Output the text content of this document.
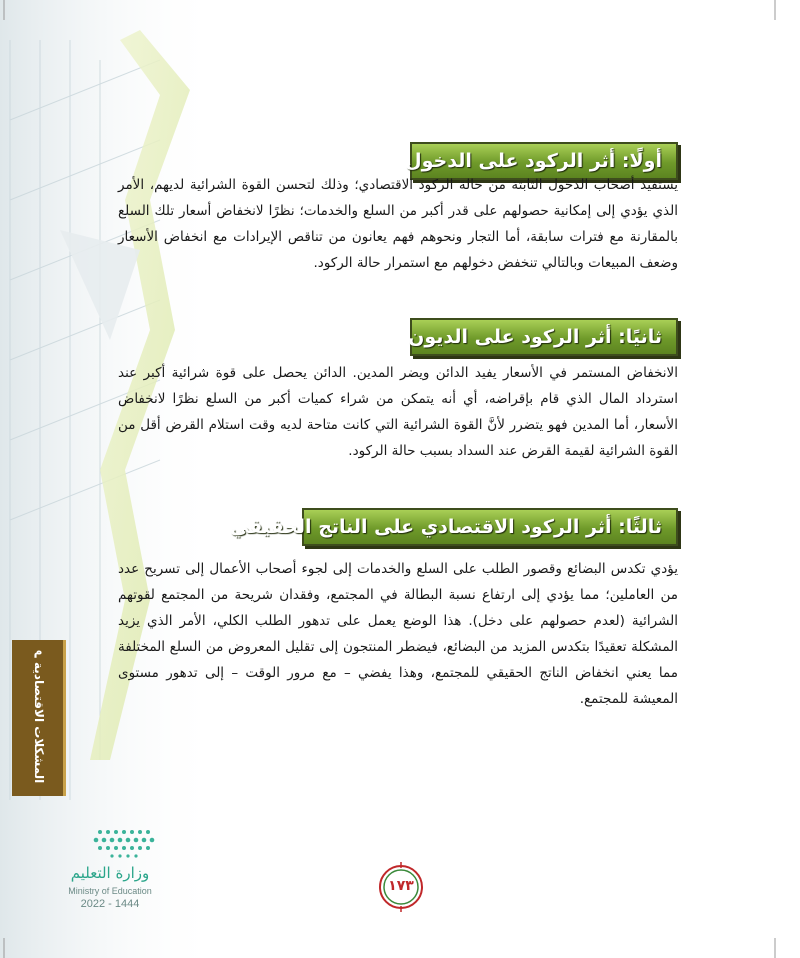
أولًا: أثر الركود على الدخول

يستفيد أصحاب الدخول الثابتة من حالة الركود الاقتصادي؛ وذلك لتحسن القوة الشرائية لديهم، الأمر الذي يؤدي إلى إمكانية حصولهم على قدر أكبر من السلع والخدمات؛ نظرًا لانخفاض أسعار تلك السلع بالمقارنة مع فترات سابقة، أما التجار ونحوهم فهم يعانون من تناقص الإيرادات مع انخفاض الأسعار وضعف المبيعات وبالتالي تنخفض دخولهم مع استمرار حالة الركود.

ثانيًا: أثر الركود على الديون

الانخفاض المستمر في الأسعار يفيد الدائن ويضر المدين. الدائن يحصل على قوة شرائية أكبر عند استرداد المال الذي قام بإقراضه، أي أنه يتمكن من شراء كميات أكبر من السلع نظرًا لانخفاض الأسعار، أما المدين فهو يتضرر لأنَّ القوة الشرائية التي كانت متاحة لديه وقت استلام القرض أقل من القوة الشرائية لقيمة القرض عند السداد بسبب حالة الركود.

ثالثًا: أثر الركود الاقتصادي على الناتج الحقيقي

يؤدي تكدس البضائع وقصور الطلب على السلع والخدمات إلى لجوء أصحاب الأعمال إلى تسريح عدد من العاملين؛ مما يؤدي إلى ارتفاع نسبة البطالة في المجتمع، وفقدان شريحة من المجتمع لقوتهم الشرائية (لعدم حصولهم على دخل). هذا الوضع يعمل على تدهور الطلب الكلي، الأمر الذي يزيد المشكلة تعقيدًا بتكدس المزيد من البضائع، فيضطر المنتجون إلى تقليل المعروض من السلع المختلفة مما يعني انخفاض الناتج الحقيقي للمجتمع، وهذا يفضي – مع مرور الوقت – إلى تدهور مستوى المعيشة للمجتمع.

م
المشكلات الاقتصادية
وزارة التعليم
Ministry of Education
2022 - 1444
١٧٣
